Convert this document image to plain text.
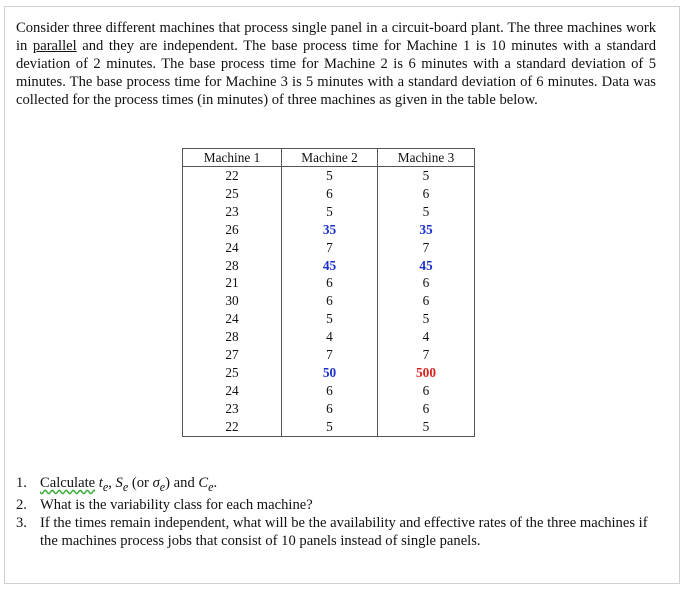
Consider three different machines that process single panel in a circuit-board plant. The three machines work in parallel and they are independent. The base process time for Machine 1 is 10 minutes with a standard deviation of 2 minutes. The base process time for Machine 2 is 6 minutes with a standard deviation of 5 minutes. The base process time for Machine 3 is 5 minutes with a standard deviation of 6 minutes. Data was collected for the process times (in minutes) of three machines as given in the table below.

Machine 1	Machine 2	Machine 3
22	5	5
25	6	6
23	5	5
26	35	35
24	7	7
28	45	45
21	6	6
30	6	6
24	5	5
28	4	4
27	7	7
25	50	500
24	6	6
23	6	6
22	5	5
1. Calculate $t_e$, $S_e$ (or $\sigma_e$) and $C_e$.
2. What is the variability class for each machine?
3. If the times remain independent, what will be the availability and effective rates of the three machines if the machines process jobs that consist of 10 panels instead of single panels.
